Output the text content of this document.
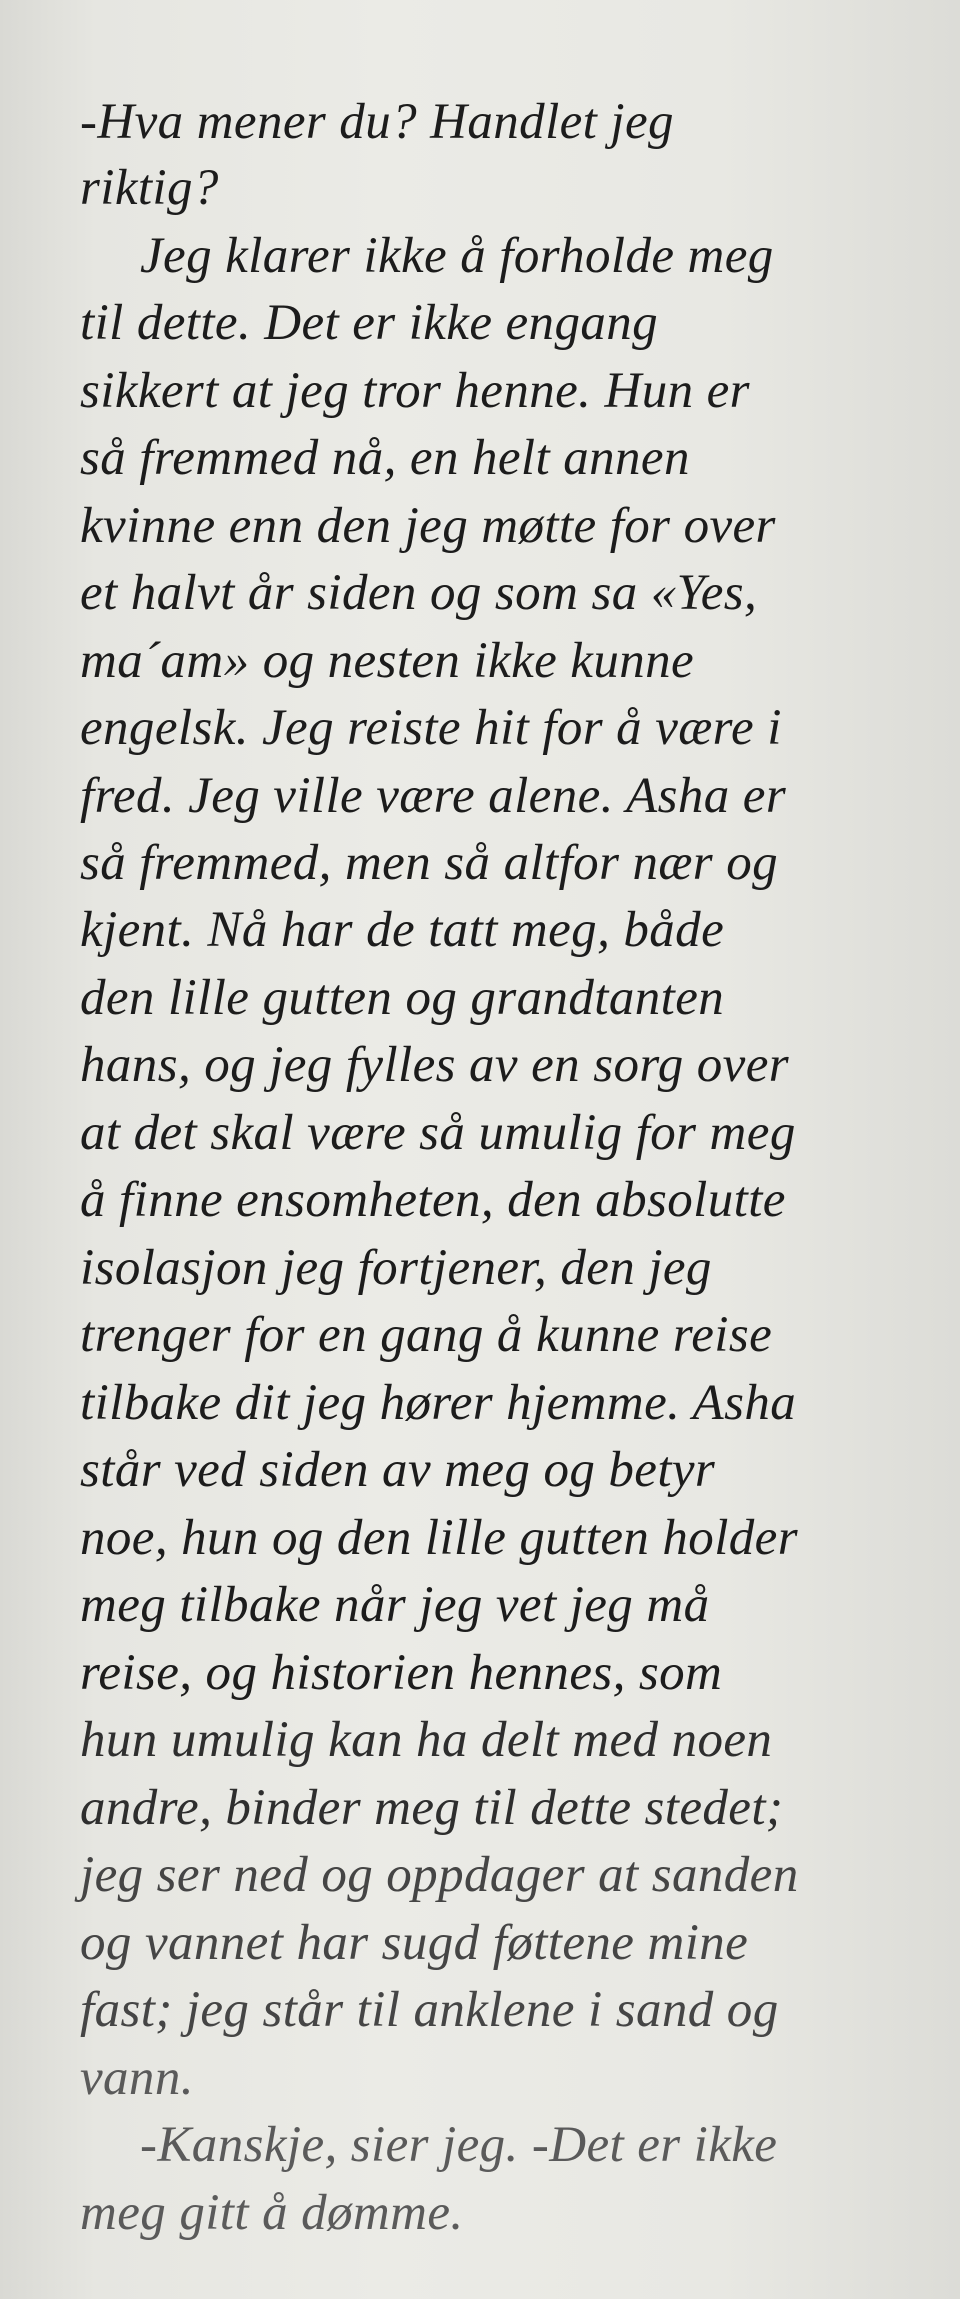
-Hva mener du? Handlet jeg
riktig?
Jeg klarer ikke å forholde meg
til dette. Det er ikke engang
sikkert at jeg tror henne. Hun er
så fremmed nå, en helt annen
kvinne enn den jeg møtte for over
et halvt år siden og som sa «Yes,
ma´am» og nesten ikke kunne
engelsk. Jeg reiste hit for å være i
fred. Jeg ville være alene. Asha er
så fremmed, men så altfor nær og
kjent. Nå har de tatt meg, både
den lille gutten og grandtanten
hans, og jeg fylles av en sorg over
at det skal være så umulig for meg
å finne ensomheten, den absolutte
isolasjon jeg fortjener, den jeg
trenger for en gang å kunne reise
tilbake dit jeg hører hjemme. Asha
står ved siden av meg og betyr
noe, hun og den lille gutten holder
meg tilbake når jeg vet jeg må
reise, og historien hennes, som
hun umulig kan ha delt med noen
andre, binder meg til dette stedet;
jeg ser ned og oppdager at sanden
og vannet har sugd føttene mine
fast; jeg står til anklene i sand og
vann.
-Kanskje, sier jeg. -Det er ikke
meg gitt å dømme.
